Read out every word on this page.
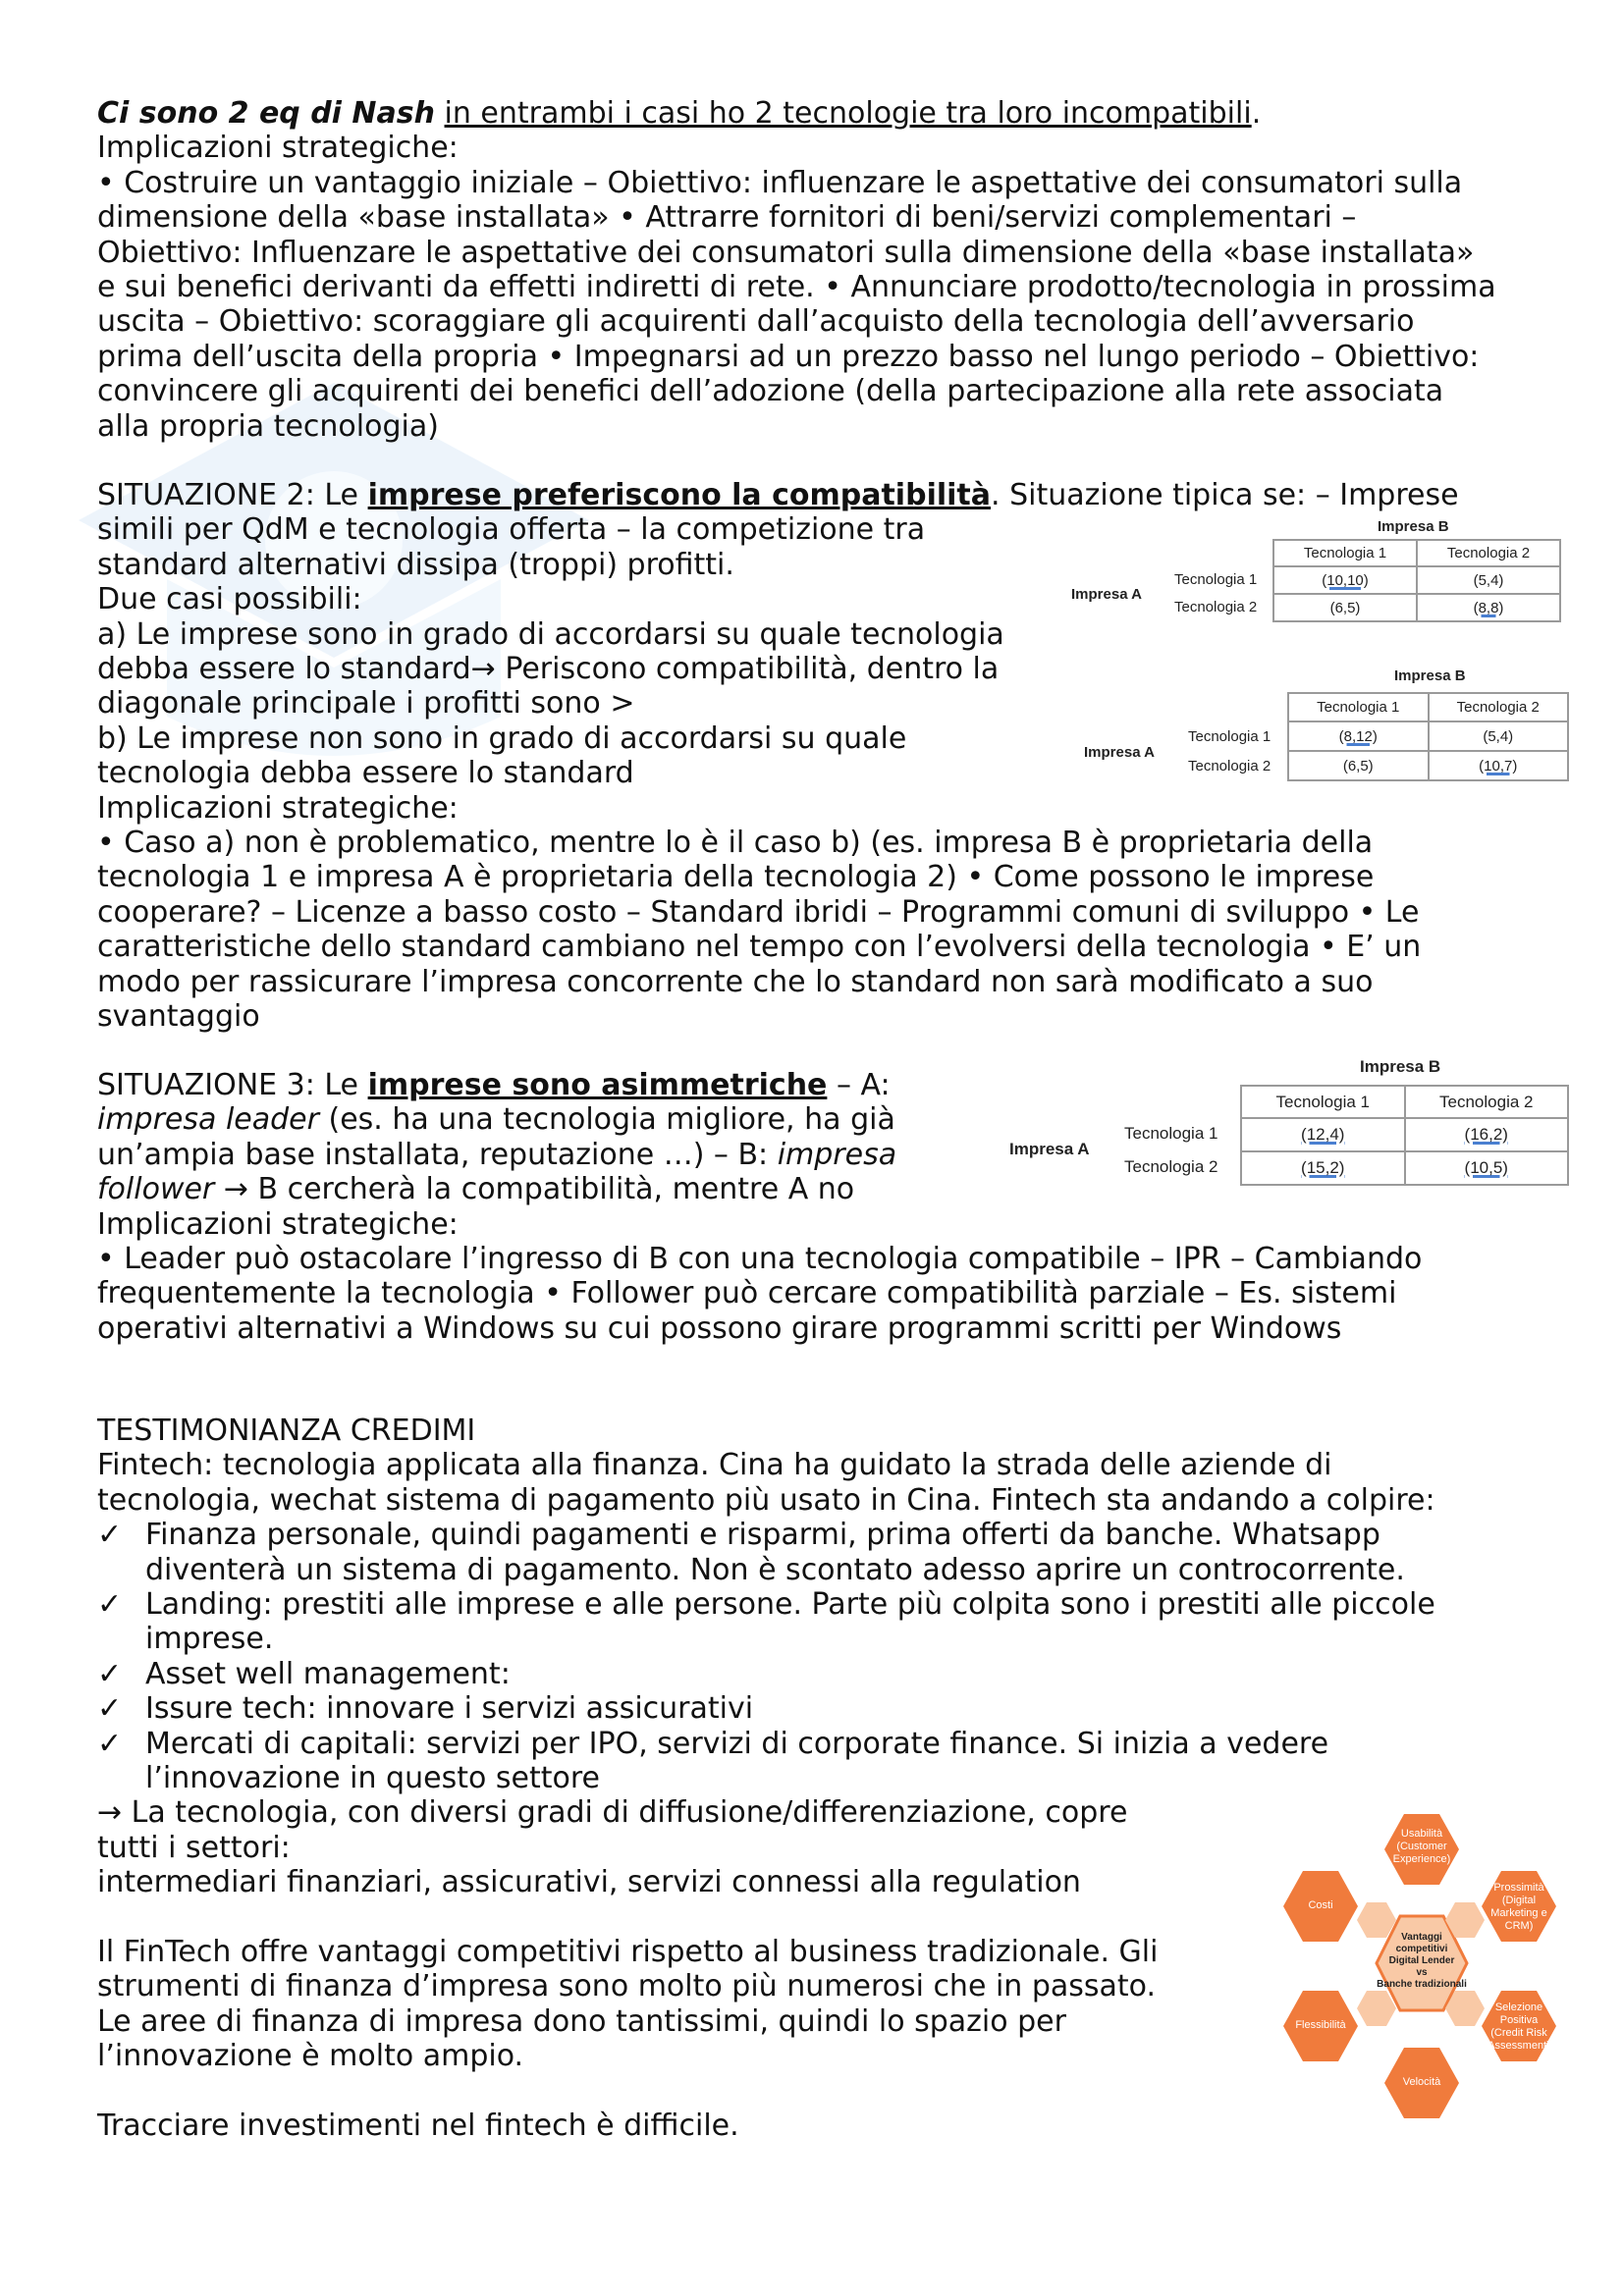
Ci sono 2 eq di Nash in entrambi i casi ho 2 tecnologie tra loro incompatibili.
Implicazioni strategiche:
• Costruire un vantaggio iniziale – Obiettivo: influenzare le aspettative dei consumatori sulla
dimensione della «base installata» • Attrarre fornitori di beni/servizi complementari –
Obiettivo: Influenzare le aspettative dei consumatori sulla dimensione della «base installata»
e sui benefici derivanti da effetti indiretti di rete. • Annunciare prodotto/tecnologia in prossima
uscita – Obiettivo: scoraggiare gli acquirenti dall’acquisto della tecnologia dell’avversario
prima dell’uscita della propria • Impegnarsi ad un prezzo basso nel lungo periodo – Obiettivo:
convincere gli acquirenti dei benefici dell’adozione (della partecipazione alla rete associata
alla propria tecnologia)
SITUAZIONE 2: Le imprese preferiscono la compatibilità. Situazione tipica se: – Imprese
simili per QdM e tecnologia offerta – la competizione tra
standard alternativi dissipa (troppi) profitti.
Due casi possibili:
a) Le imprese sono in grado di accordarsi su quale tecnologia
debba essere lo standard→ Periscono compatibilità, dentro la
diagonale principale i profitti sono >
b) Le imprese non sono in grado di accordarsi su quale
tecnologia debba essere lo standard
Implicazioni strategiche:
• Caso a) non è problematico, mentre lo è il caso b) (es. impresa B è proprietaria della
tecnologia 1 e impresa A è proprietaria della tecnologia 2) • Come possono le imprese
cooperare? – Licenze a basso costo – Standard ibridi – Programmi comuni di sviluppo • Le
caratteristiche dello standard cambiano nel tempo con l’evolversi della tecnologia • E’ un
modo per rassicurare l’impresa concorrente che lo standard non sarà modificato a suo
svantaggio
SITUAZIONE 3: Le imprese sono asimmetriche – A:
impresa leader (es. ha una tecnologia migliore, ha già
un’ampia base installata, reputazione …) – B: impresa
follower → B cercherà la compatibilità, mentre A no
Implicazioni strategiche:
• Leader può ostacolare l’ingresso di B con una tecnologia compatibile – IPR – Cambiando
frequentemente la tecnologia • Follower può cercare compatibilità parziale – Es. sistemi
operativi alternativi a Windows su cui possono girare programmi scritti per Windows
TESTIMONIANZA CREDIMI
Fintech: tecnologia applicata alla finanza. Cina ha guidato la strada delle aziende di
tecnologia, wechat sistema di pagamento più usato in Cina. Fintech sta andando a colpire:
✓ Finanza personale, quindi pagamenti e risparmi, prima offerti da banche. Whatsapp
diventerà un sistema di pagamento. Non è scontato adesso aprire un controcorrente.
✓ Landing: prestiti alle imprese e alle persone. Parte più colpita sono i prestiti alle piccole
imprese.
✓ Asset well management:
✓ Issure tech: innovare i servizi assicurativi
✓ Mercati di capitali: servizi per IPO, servizi di corporate finance. Si inizia a vedere
l’innovazione in questo settore
→ La tecnologia, con diversi gradi di diffusione/differenziazione, copre
tutti i settori:
intermediari finanziari, assicurativi, servizi connessi alla regulation
Il FinTech offre vantaggi competitivi rispetto al business tradizionale. Gli
strumenti di finanza d’impresa sono molto più numerosi che in passato.
Le aree di finanza di impresa dono tantissimi, quindi lo spazio per
l’innovazione è molto ampio.
Tracciare investimenti nel fintech è difficile.
Impresa B
Impresa A
Tecnologia 1
Tecnologia 2
Tecnologia 1	Tecnologia 2
(10,10)	(5,4)
(6,5)	(8,8)
Impresa B
Impresa A
Tecnologia 1
Tecnologia 2
Tecnologia 1	Tecnologia 2
(8,12)	(5,4)
(6,5)	(10,7)
Impresa B
Impresa A
Tecnologia 1
Tecnologia 2
Tecnologia 1	Tecnologia 2
(12,4)	(16,2)
(15,2)	(10,5)
Usabilità
(Customer
Experience)
Prossimità
(Digital
Marketing e
CRM)
Selezione
Positiva
(Credit Risk
Assessment)
Velocità
Flessibilità
Costi
Vantaggi
competitivi
Digital Lender
vs
Banche tradizionali
